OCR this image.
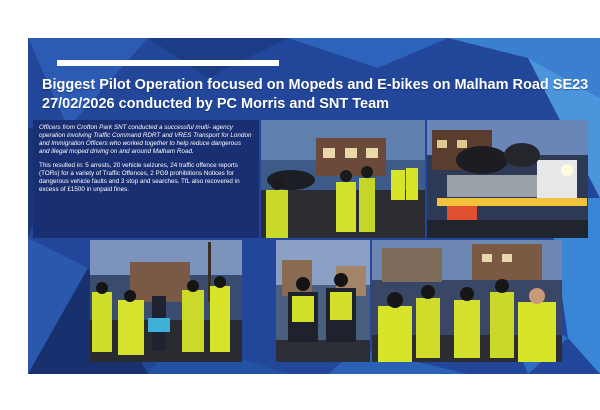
Biggest Pilot Operation focused on Mopeds and E-bikes on Malham Road SE23 27/02/2026 conducted by PC Morris and SNT Team

Officers from Crofton Park SNT conducted a successful multi- agency operation involving Traffic Command RDRT and VRES Transport for London and Immigration Officers who worked together to help reduce dangerous and illegal moped driving on and around Malham Road.

This resulted in: 5 arrests, 20 vehicle seizures, 24 traffic offence reports (TORs) for a variety of Traffic Offences, 2 PG9 prohibitions Notices for dangerous vehicle faults and 3 stop and searches. TfL also recovered in excess of £1500 in unpaid fines.
